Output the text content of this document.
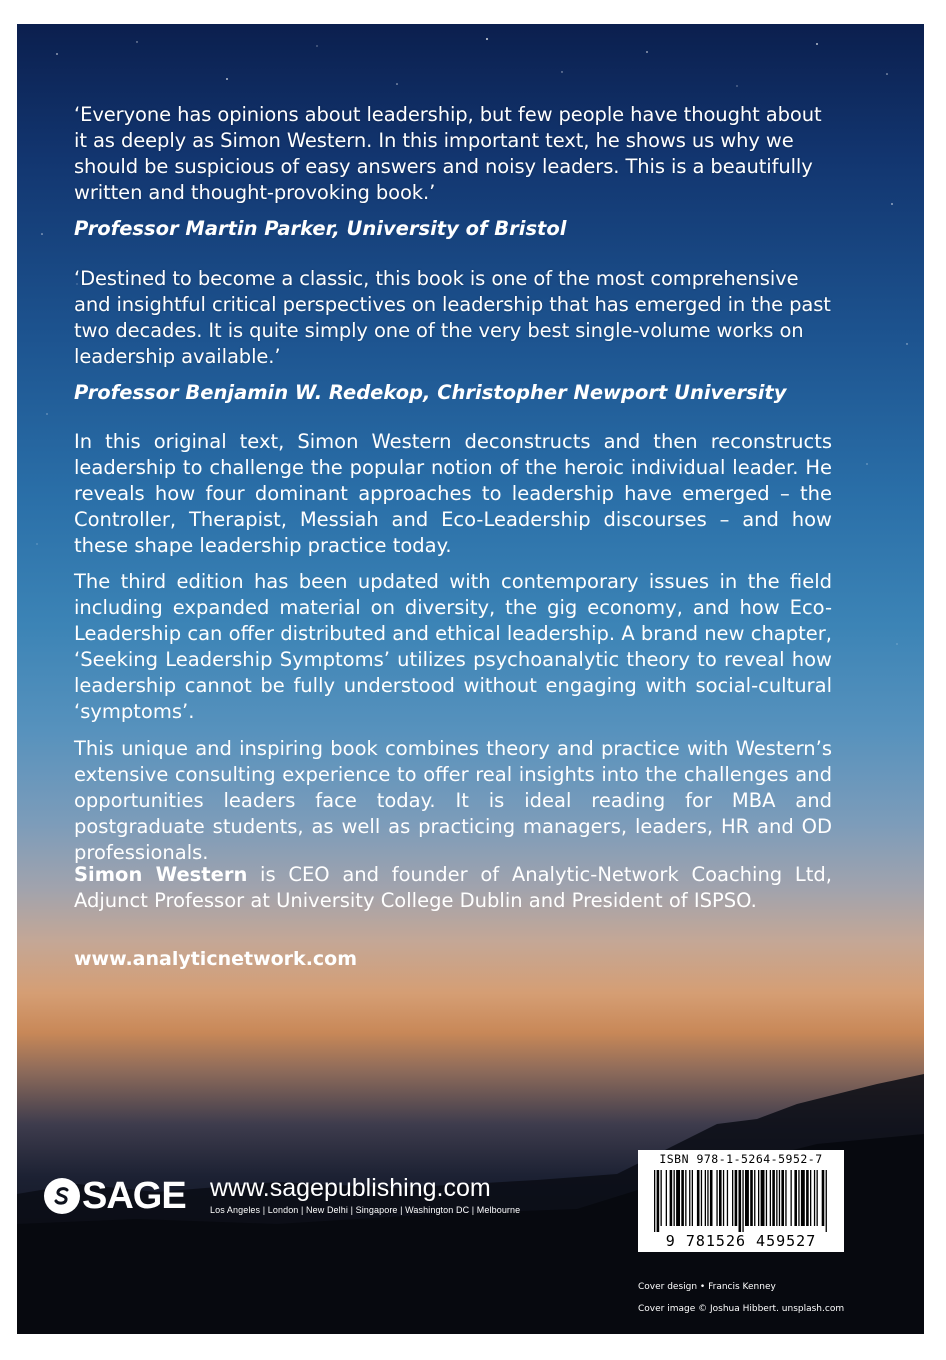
‘Everyone has opinions about leadership, but few people have thought about it as deeply as Simon Western. In this important text, he shows us why we should be suspicious of easy answers and noisy leaders. This is a beautifully written and thought-provoking book.’
Professor Martin Parker, University of Bristol
‘Destined to become a classic, this book is one of the most comprehensive and insightful critical perspectives on leadership that has emerged in the past two decades. It is quite simply one of the very best single-volume works on leadership available.’
Professor Benjamin W. Redekop, Christopher Newport University
In this original text, Simon Western deconstructs and then reconstructs leadership to challenge the popular notion of the heroic individual leader. He reveals how four dominant approaches to leadership have emerged – the Controller, Therapist, Messiah and Eco-Leadership discourses – and how these shape leadership practice today.
The third edition has been updated with contemporary issues in the field including expanded material on diversity, the gig economy, and how Eco-Leadership can offer distributed and ethical leadership. A brand new chapter, ‘Seeking Leadership Symptoms’ utilizes psychoanalytic theory to reveal how leadership cannot be fully understood without engaging with social-cultural ‘symptoms’.
This unique and inspiring book combines theory and practice with Western’s extensive consulting experience to offer real insights into the challenges and opportunities leaders face today. It is ideal reading for MBA and postgraduate students, as well as practicing managers, leaders, HR and OD professionals.
Simon Western is CEO and founder of Analytic-Network Coaching Ltd, Adjunct Professor at University College Dublin and President of ISPSO.
www.analyticnetwork.com
SAGE www.sagepublishing.com
Los Angeles | London | New Delhi | Singapore | Washington DC | Melbourne
ISBN 978-1-5264-5952-7
9 781526 459527
Cover design • Francis Kenney
Cover image © Joshua Hibbert. unsplash.com
